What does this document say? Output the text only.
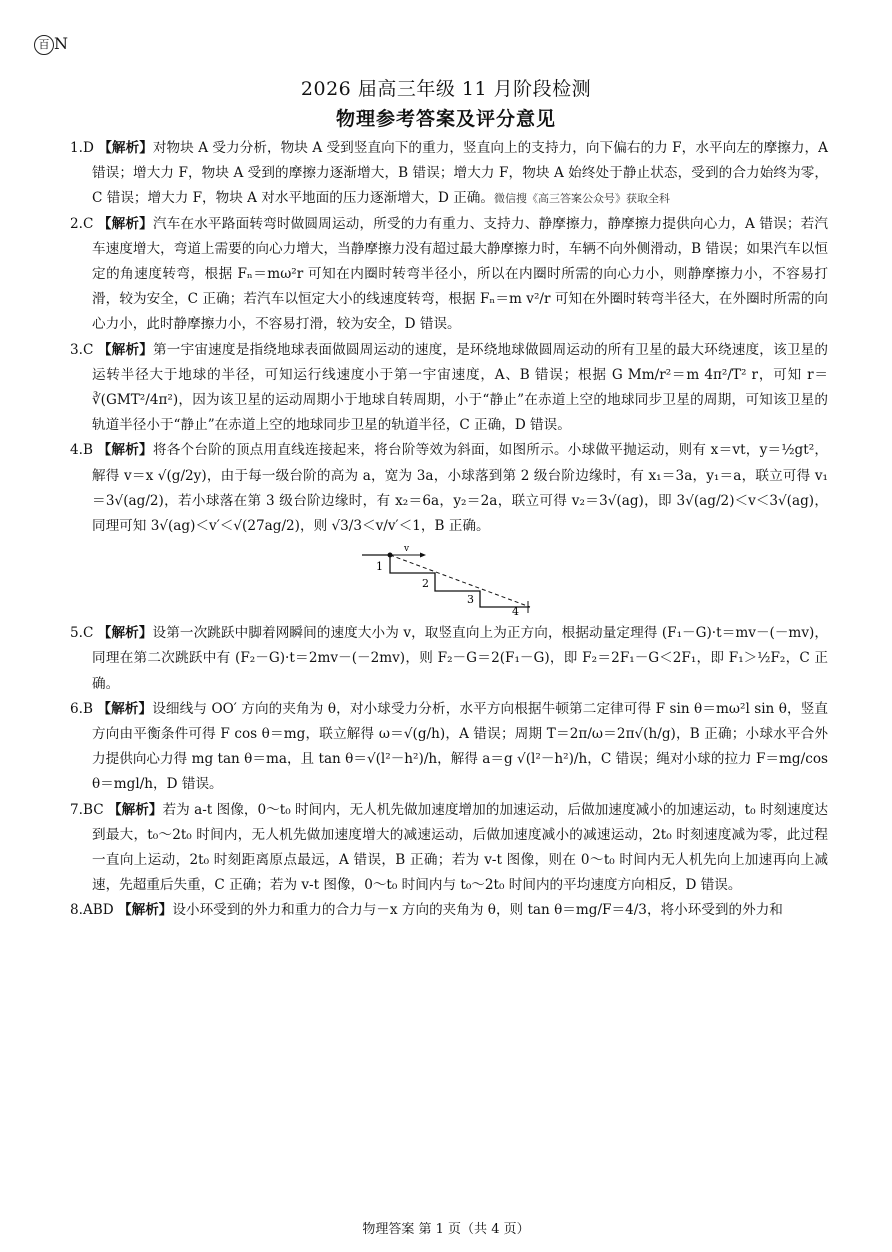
百 N
2026 届高三年级 11 月阶段检测
物理参考答案及评分意见

1.D 【解析】对物块 A 受力分析，物块 A 受到竖直向下的重力，竖直向上的支持力，向下偏右的力 F，水平向左的摩擦力，A 错误；增大力 F，物块 A 受到的摩擦力逐渐增大，B 错误；增大力 F，物块 A 始终处于静止状态，受到的合力始终为零，C 错误；增大力 F，物块 A 对水平地面的压力逐渐增大，D 正确。微信搜《高三答案公众号》获取全科

2.C 【解析】汽车在水平路面转弯时做圆周运动，所受的力有重力、支持力、静摩擦力，静摩擦力提供向心力，A 错误；若汽车速度增大，弯道上需要的向心力增大，当静摩擦力没有超过最大静摩擦力时，车辆不向外侧滑动，B 错误；如果汽车以恒定的角速度转弯，根据 Fₙ＝mω²r 可知在内圈时转弯半径小，所以在内圈时所需的向心力小，则静摩擦力小，不容易打滑，较为安全，C 正确；若汽车以恒定大小的线速度转弯，根据 Fₙ＝m v²/r 可知在外圈时转弯半径大，在外圈时所需的向心力小，此时静摩擦力小，不容易打滑，较为安全，D 错误。

3.C 【解析】第一宇宙速度是指绕地球表面做圆周运动的速度，是环绕地球做圆周运动的所有卫星的最大环绕速度，该卫星的运转半径大于地球的半径，可知运行线速度小于第一宇宙速度，A、B 错误；根据 G Mm/r²＝m 4π²/T² r，可知 r＝∛(GMT²/4π²)，因为该卫星的运动周期小于地球自转周期，小于“静止”在赤道上空的地球同步卫星的周期，可知该卫星的轨道半径小于“静止”在赤道上空的地球同步卫星的轨道半径，C 正确，D 错误。

4.B 【解析】将各个台阶的顶点用直线连接起来，将台阶等效为斜面，如图所示。小球做平抛运动，则有 x＝vt，y＝½gt²，解得 v＝x √(g/2y)，由于每一级台阶的高为 a，宽为 3a，小球落到第 2 级台阶边缘时，有 x₁＝3a，y₁＝a，联立可得 v₁＝3√(ag/2)，若小球落在第 3 级台阶边缘时，有 x₂＝6a，y₂＝2a，联立可得 v₂＝3√(ag)，即 3√(ag/2)＜v＜3√(ag)，同理可知 3√(ag)＜v′＜√(27ag/2)，则 √3/3＜v/v′＜1，B 正确。

v
1
2
3
4

5.C 【解析】设第一次跳跃中脚着网瞬间的速度大小为 v，取竖直向上为正方向，根据动量定理得 (F₁－G)·t＝mv－(－mv)，同理在第二次跳跃中有 (F₂－G)·t＝2mv－(－2mv)，则 F₂－G＝2(F₁－G)，即 F₂＝2F₁－G＜2F₁，即 F₁＞½F₂，C 正确。

6.B 【解析】设细线与 OO′ 方向的夹角为 θ，对小球受力分析，水平方向根据牛顿第二定律可得 F sin θ＝mω²l sin θ，竖直方向由平衡条件可得 F cos θ＝mg，联立解得 ω＝√(g/h)，A 错误；周期 T＝2π/ω＝2π√(h/g)，B 正确；小球水平合外力提供向心力得 mg tan θ＝ma，且 tan θ＝√(l²－h²)/h，解得 a＝g √(l²－h²)/h，C 错误；绳对小球的拉力 F＝mg/cos θ＝mgl/h，D 错误。

7.BC 【解析】若为 a-t 图像，0～t₀ 时间内，无人机先做加速度增加的加速运动，后做加速度减小的加速运动，t₀ 时刻速度达到最大，t₀～2t₀ 时间内，无人机先做加速度增大的减速运动，后做加速度减小的减速运动，2t₀ 时刻速度减为零，此过程一直向上运动，2t₀ 时刻距离原点最远，A 错误，B 正确；若为 v-t 图像，则在 0～t₀ 时间内无人机先向上加速再向上减速，先超重后失重，C 正确；若为 v-t 图像，0～t₀ 时间内与 t₀～2t₀ 时间内的平均速度方向相反，D 错误。

8.ABD 【解析】设小环受到的外力和重力的合力与－x 方向的夹角为 θ，则 tan θ＝mg/F＝4/3，将小环受到的外力和

物理答案 第 1 页（共 4 页）
